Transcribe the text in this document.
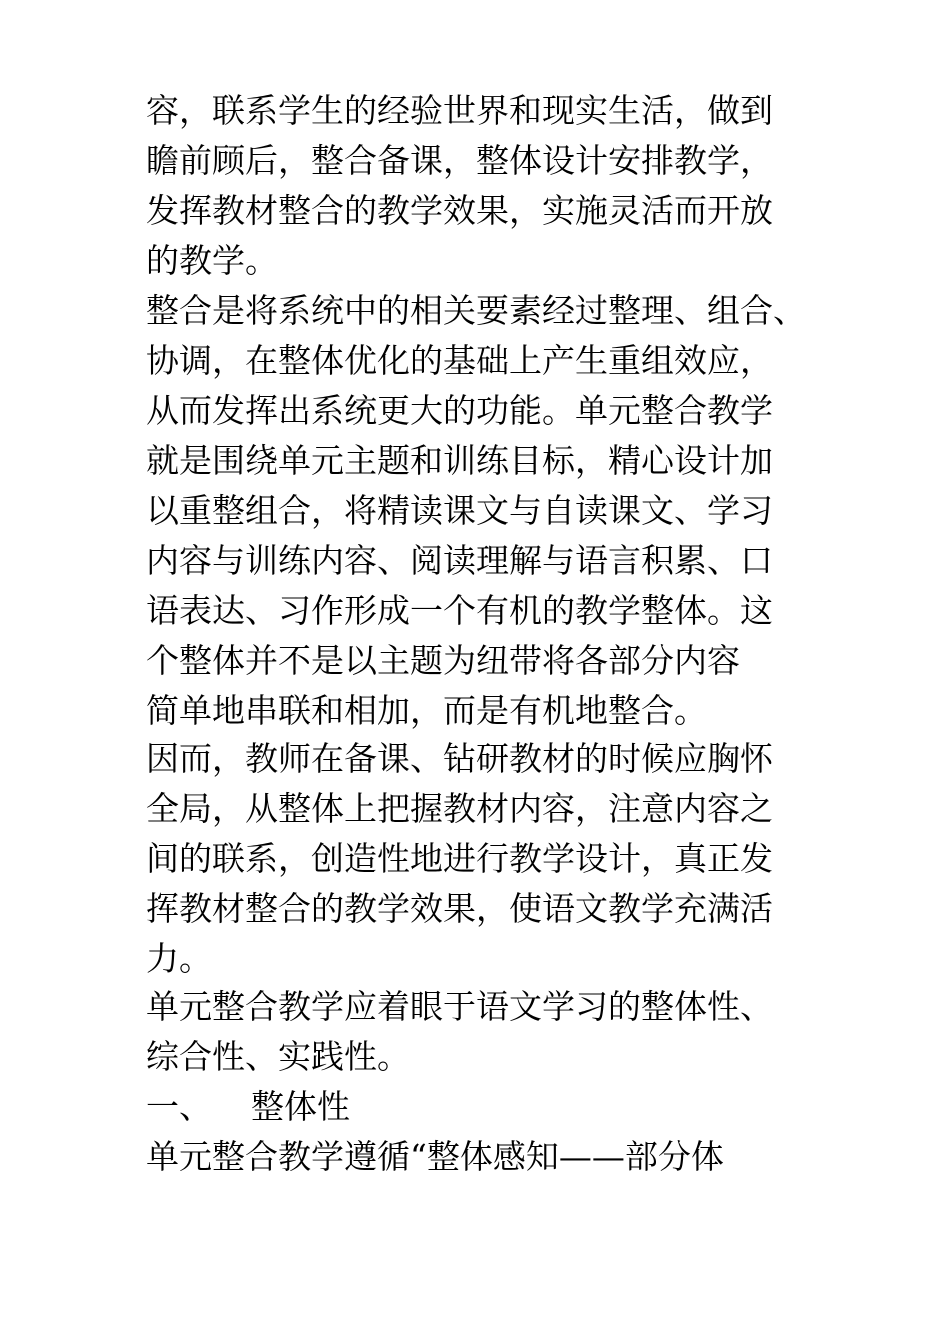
容，联系学生的经验世界和现实生活，做到
瞻前顾后，整合备课，整体设计安排教学，
发挥教材整合的教学效果，实施灵活而开放
的教学。
整合是将系统中的相关要素经过整理、组合、
协调，在整体优化的基础上产生重组效应，
从而发挥出系统更大的功能。单元整合教学
就是围绕单元主题和训练目标，精心设计加
以重整组合，将精读课文与自读课文、学习
内容与训练内容、阅读理解与语言积累、口
语表达、习作形成一个有机的教学整体。这
个整体并不是以主题为纽带将各部分内容
简单地串联和相加，而是有机地整合。
因而，教师在备课、钻研教材的时候应胸怀
全局，从整体上把握教材内容，注意内容之
间的联系，创造性地进行教学设计，真正发
挥教材整合的教学效果，使语文教学充满活
力。
单元整合教学应着眼于语文学习的整体性、
综合性、实践性。
一、 整体性
单元整合教学遵循“整体感知——部分体
